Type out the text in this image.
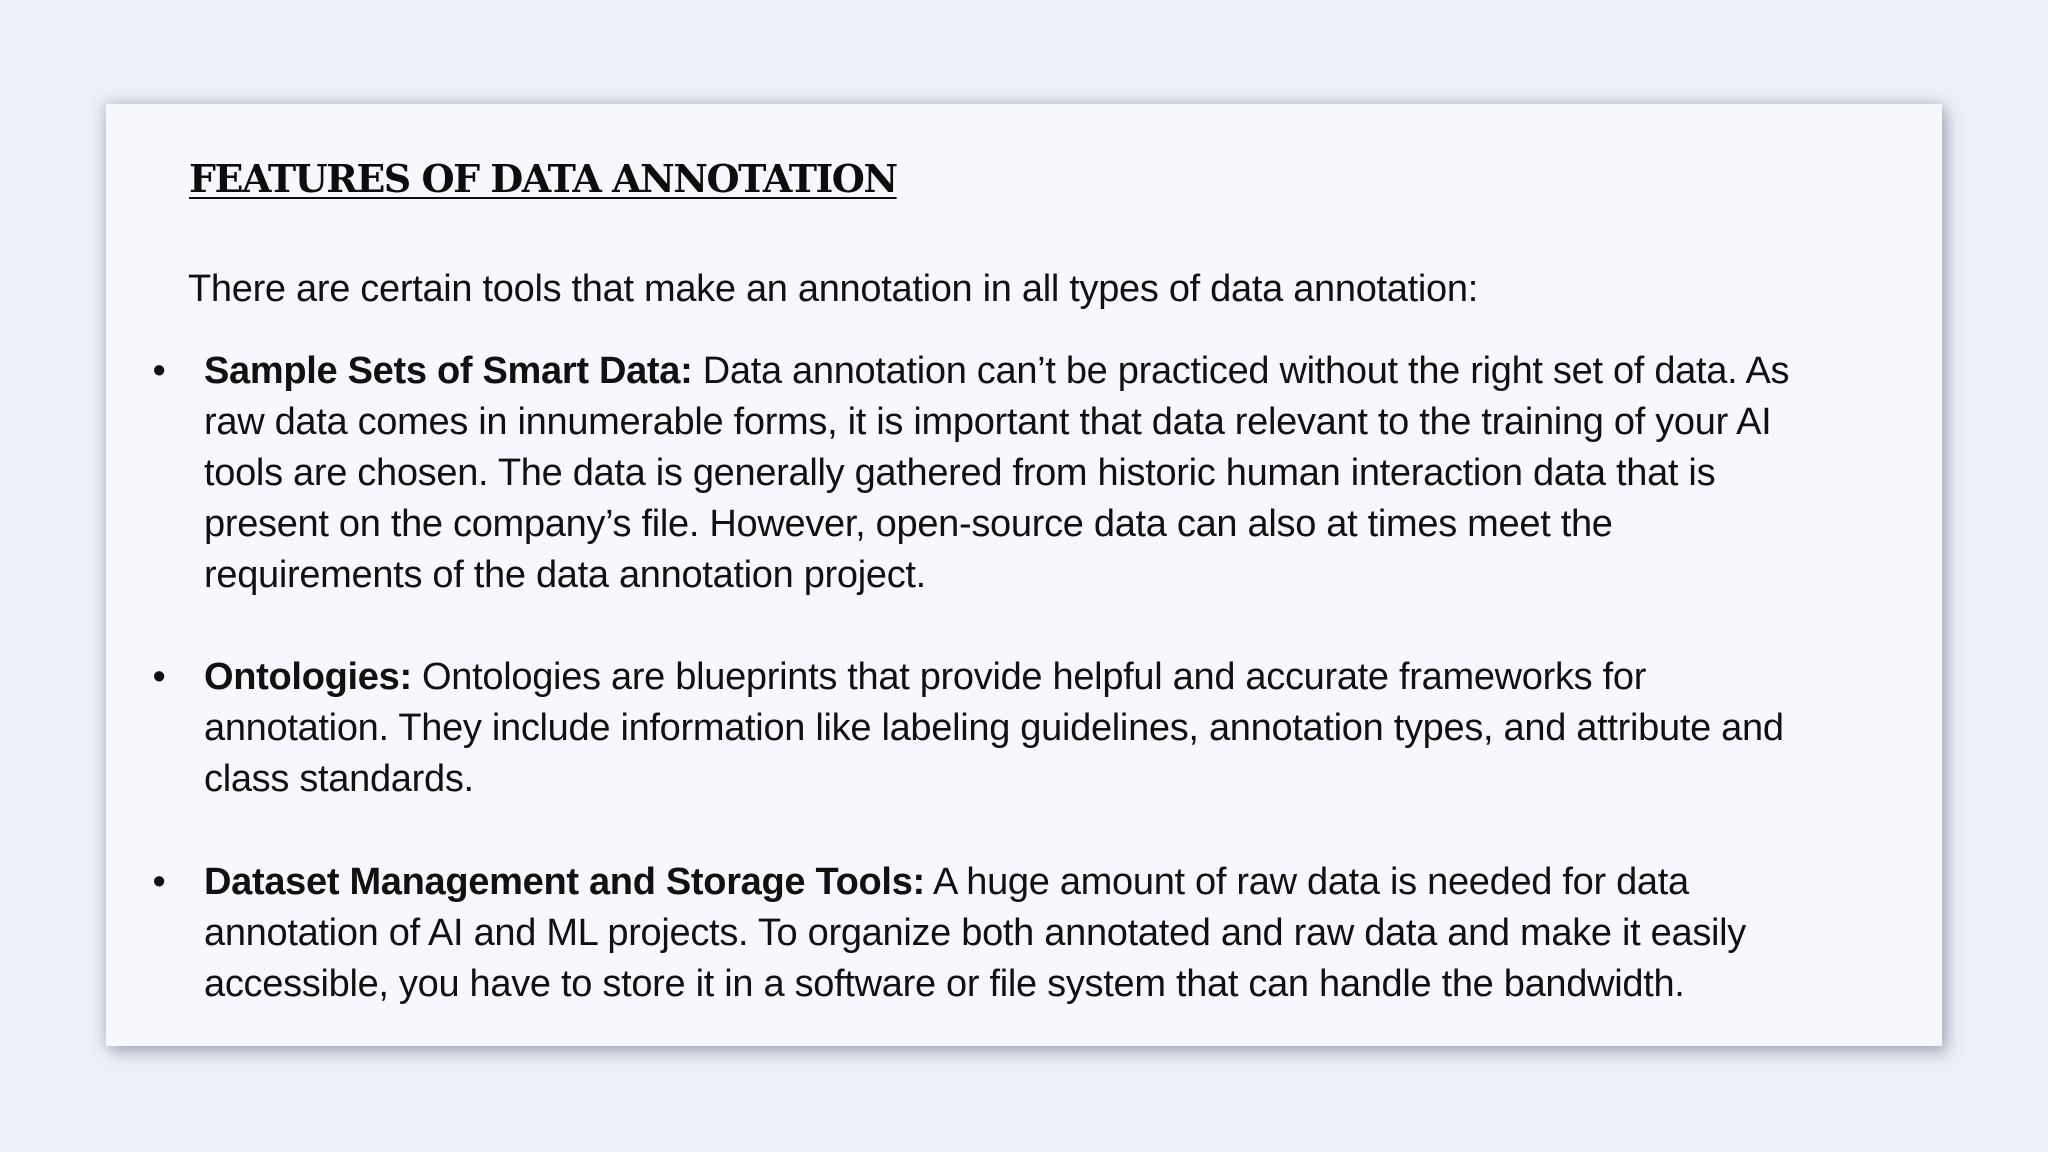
FEATURES OF DATA ANNOTATION

There are certain tools that make an annotation in all types of data annotation:

• Sample Sets of Smart Data: Data annotation can’t be practiced without the right set of data. As
raw data comes in innumerable forms, it is important that data relevant to the training of your AI
tools are chosen. The data is generally gathered from historic human interaction data that is
present on the company’s file. However, open-source data can also at times meet the
requirements of the data annotation project.
• Ontologies: Ontologies are blueprints that provide helpful and accurate frameworks for
annotation. They include information like labeling guidelines, annotation types, and attribute and
class standards.
• Dataset Management and Storage Tools: A huge amount of raw data is needed for data
annotation of AI and ML projects. To organize both annotated and raw data and make it easily
accessible, you have to store it in a software or file system that can handle the bandwidth.
